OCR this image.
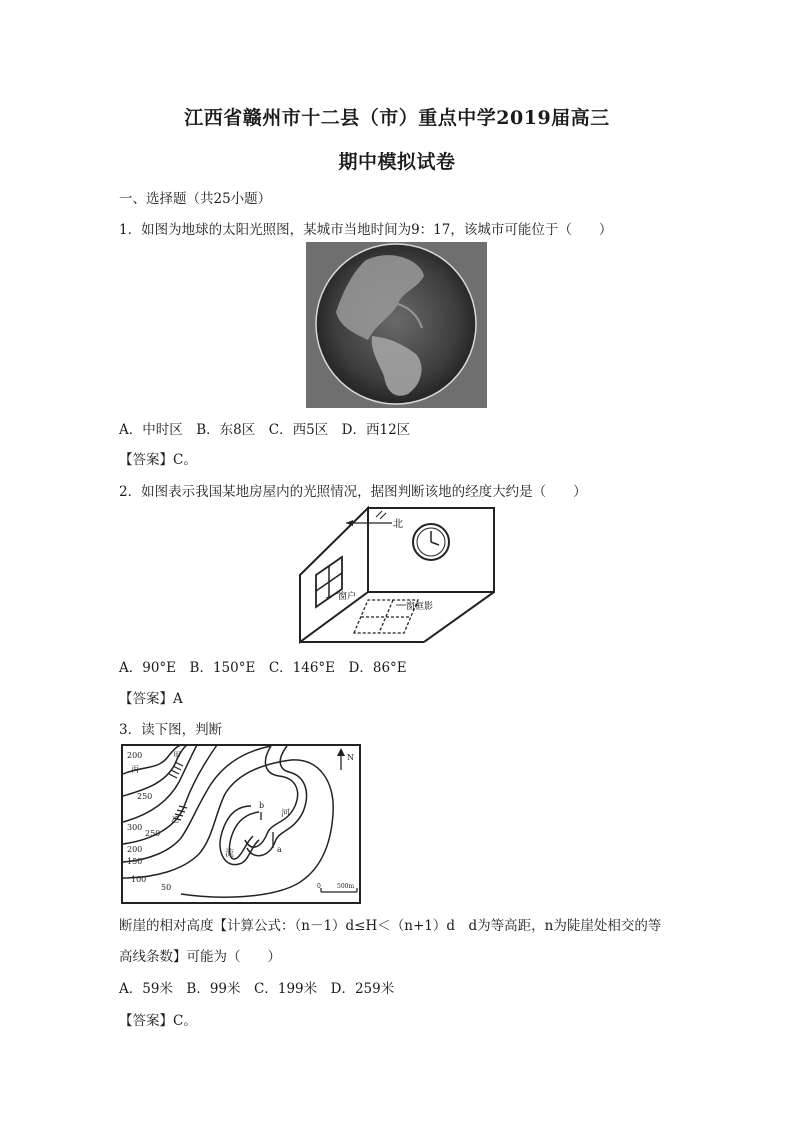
江西省赣州市十二县（市）重点中学2019届高三
期中模拟试卷
一、选择题（共25小题）
1．如图为地球的太阳光照图，某城市当地时间为9：17，该城市可能位于（　　）
A．中时区　B．东8区　C．西5区　D．西12区
【答案】C。
2．如图表示我国某地房屋内的光照情况，据图判断该地的经度大约是（　　）
北
窗户
窗框影
A．90°E　B．150°E　C．146°E　D．86°E
【答案】A
3．读下图，判断
200
丙
甲
250
300
250
乙
200
150
100
50
河
流
b
a
N
0	500m
断崖的相对高度【计算公式：（n－1）d≤H＜（n+1）d　d为等高距，n为陡崖处相交的等
高线条数】可能为（　　）
A．59米　B．99米　C．199米　D．259米
【答案】C。
